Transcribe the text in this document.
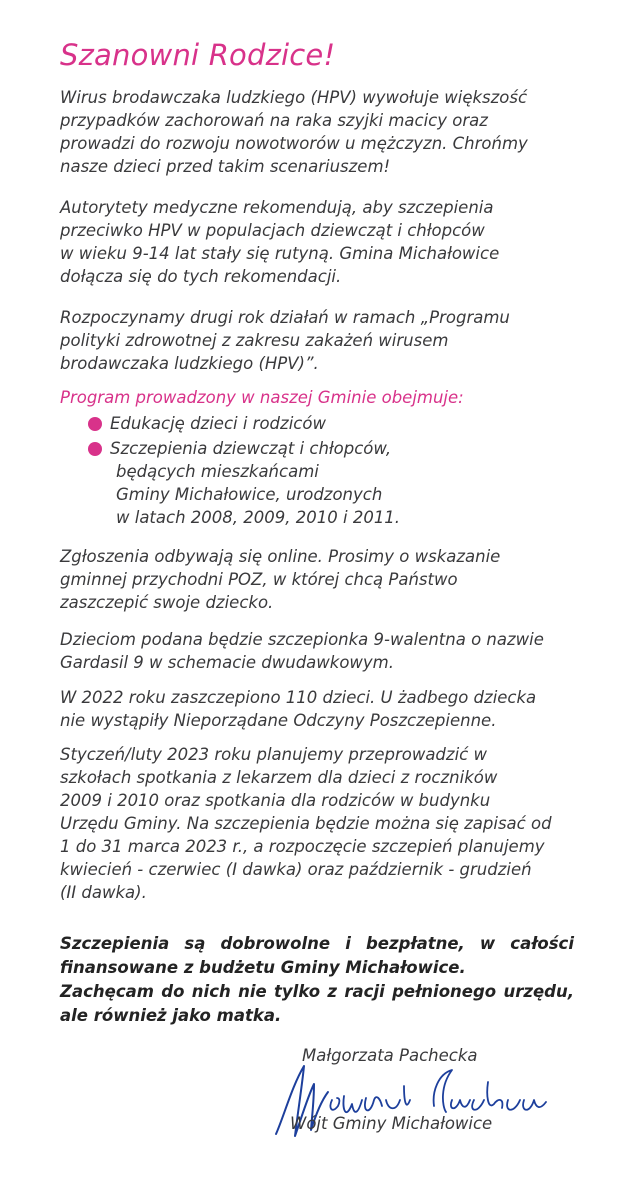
Szanowni Rodzice!

Wirus brodawczaka ludzkiego (HPV) wywołuje większość
przypadków zachorowań na raka szyjki macicy oraz
prowadzi do rozwoju nowotworów u mężczyzn. Chrońmy
nasze dzieci przed takim scenariuszem!

Autorytety medyczne rekomendują, aby szczepienia
przeciwko HPV w populacjach dziewcząt i chłopców
w wieku 9-14 lat stały się rutyną. Gmina Michałowice
dołącza się do tych rekomendacji.

Rozpoczynamy drugi rok działań w ramach „Programu
polityki zdrowotnej z zakresu zakażeń wirusem
brodawczaka ludzkiego (HPV)”.

Program prowadzony w naszej Gminie obejmuje:

Edukację dzieci i rodziców
Szczepienia dziewcząt i chłopców,
będących mieszkańcami
Gminy Michałowice, urodzonych
w latach 2008, 2009, 2010 i 2011.

Zgłoszenia odbywają się online. Prosimy o wskazanie
gminnej przychodni POZ, w której chcą Państwo
zaszczepić swoje dziecko.

Dzieciom podana będzie szczepionka 9-walentna o nazwie
Gardasil 9 w schemacie dwudawkowym.

W 2022 roku zaszczepiono 110 dzieci. U żadbego dziecka
nie wystąpiły Nieporządane Odczyny Poszczepienne.

Styczeń/luty 2023 roku planujemy przeprowadzić w
szkołach spotkania z lekarzem dla dzieci z roczników
2009 i 2010 oraz spotkania dla rodziców w budynku
Urzędu Gminy. Na szczepienia będzie można się zapisać od
1 do 31 marca 2023 r., a rozpoczęcie szczepień planujemy
kwiecień - czerwiec (I dawka) oraz październik - grudzień
(II dawka).

Szczepienia są dobrowolne i bezpłatne, w całości
finansowane z budżetu Gminy Michałowice.
Zachęcam do nich nie tylko z racji pełnionego urzędu,
ale również jako matka.

Małgorzata Pachecka

Wójt Gminy Michałowice
